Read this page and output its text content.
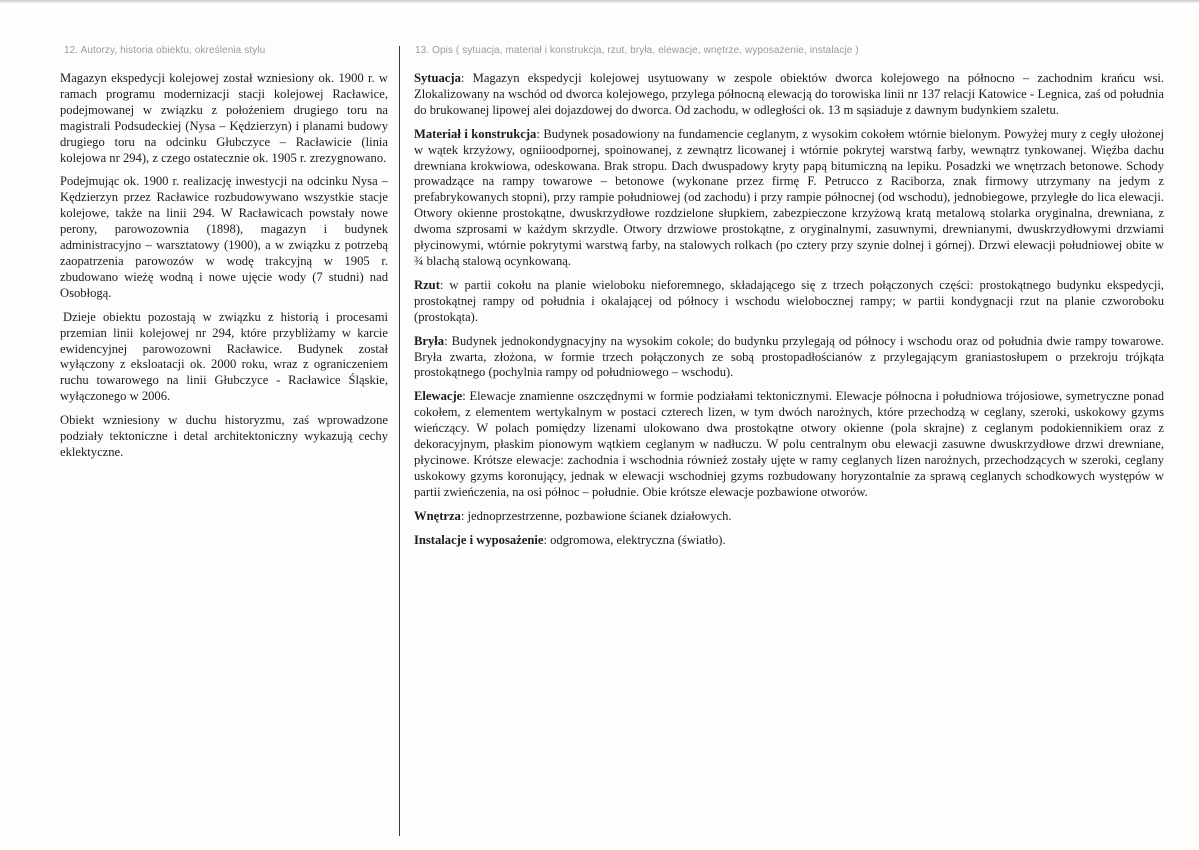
12. Autorzy, historia obiektu, określenia stylu	13. Opis ( sytuacja, materiał i konstrukcja, rzut, bryła, elewacje, wnętrze, wyposażenie, instalacje )

Magazyn ekspedycji kolejowej został wzniesiony ok. 1900 r. w ramach programu modernizacji stacji kolejowej Racławice, podejmowanej w związku z położeniem drugiego toru na magistrali Podsudeckiej (Nysa – Kędzierzyn) i planami budowy drugiego toru na odcinku Głubczyce – Racławicie (linia kolejowa nr 294), z czego ostatecznie ok. 1905 r. zrezygnowano.

Podejmując ok. 1900 r. realizację inwestycji na odcinku Nysa – Kędzierzyn przez Racławice rozbudowywano wszystkie stacje kolejowe, także na linii 294. W Racławicach powstały nowe perony, parowozownia (1898), magazyn i budynek administracyjno – warsztatowy (1900), a w związku z potrzebą zaopatrzenia parowozów w wodę trakcyjną w 1905 r. zbudowano wieżę wodną i nowe ujęcie wody (7 studni) nad Osobłogą.

Dzieje obiektu pozostają w związku z historią i procesami przemian linii kolejowej nr 294, które przybliżamy w karcie ewidencyjnej parowozowni Racławice. Budynek został wyłączony z eksloatacji ok. 2000 roku, wraz z ograniczeniem ruchu towarowego na linii Głubczyce - Racławice Śląskie, wyłączonego w 2006.

Obiekt wzniesiony w duchu historyzmu, zaś wprowadzone podziały tektoniczne i detal architektoniczny wykazują cechy eklektyczne.

Sytuacja: Magazyn ekspedycji kolejowej usytuowany w zespole obiektów dworca kolejowego na północno – zachodnim krańcu wsi. Zlokalizowany na wschód od dworca kolejowego, przylega północną elewacją do torowiska linii nr 137 relacji Katowice - Legnica, zaś od południa do brukowanej lipowej alei dojazdowej do dworca. Od zachodu, w odległości ok. 13 m sąsiaduje z dawnym budynkiem szaletu.

Materiał i konstrukcja: Budynek posadowiony na fundamencie ceglanym, z wysokim cokołem wtórnie bielonym. Powyżej mury z cegły ułożonej w wątek krzyżowy, ogniioodpornej, spoinowanej, z zewnątrz licowanej i wtórnie pokrytej warstwą farby, wewnątrz tynkowanej. Więźba dachu drewniana krokwiowa, odeskowana. Brak stropu. Dach dwuspadowy kryty papą bitumiczną na lepiku. Posadzki we wnętrzach betonowe. Schody prowadzące na rampy towarowe – betonowe (wykonane przez firmę F. Petrucco z Raciborza, znak firmowy utrzymany na jedym z prefabrykowanych stopni), przy rampie południowej (od zachodu) i przy rampie północnej (od wschodu), jednobiegowe, przyległe do lica elewacji. Otwory okienne prostokątne, dwuskrzydłowe rozdzielone słupkiem, zabezpieczone krzyżową kratą metalową stolarka oryginalna, drewniana, z dwoma szprosami w każdym skrzydle. Otwory drzwiowe prostokątne, z oryginalnymi, zasuwnymi, drewnianymi, dwuskrzydłowymi drzwiami płycinowymi, wtórnie pokrytymi warstwą farby, na stalowych rolkach (po cztery przy szynie dolnej i górnej). Drzwi elewacji południowej obite w ¾ blachą stalową ocynkowaną.

Rzut: w partii cokołu na planie wieloboku nieforemnego, składającego się z trzech połączonych części: prostokątnego budynku ekspedycji, prostokątnej rampy od południa i okalającej od północy i wschodu wielobocznej rampy; w partii kondygnacji rzut na planie czworoboku (prostokąta).

Bryła: Budynek jednokondygnacyjny na wysokim cokole; do budynku przylegają od północy i wschodu oraz od południa dwie rampy towarowe. Bryła zwarta, złożona, w formie trzech połączonych ze sobą prostopadłościanów z przylegającym graniastosłupem o przekroju trójkąta prostokątnego (pochylnia rampy od południowego – wschodu).

Elewacje: Elewacje znamienne oszczędnymi w formie podziałami tektonicznymi. Elewacje północna i południowa trójosiowe, symetryczne ponad cokołem, z elementem wertykalnym w postaci czterech lizen, w tym dwóch narożnych, które przechodzą w ceglany, szeroki, uskokowy gzyms wieńczący. W polach pomiędzy lizenami ulokowano dwa prostokątne otwory okienne (pola skrajne) z ceglanym podokiennikiem oraz z dekoracyjnym, płaskim pionowym wątkiem ceglanym w nadłuczu. W polu centralnym obu elewacji zasuwne dwuskrzydłowe drzwi drewniane, płycinowe. Krótsze elewacje: zachodnia i wschodnia również zostały ujęte w ramy ceglanych lizen narożnych, przechodzących w szeroki, ceglany uskokowy gzyms koronujący, jednak w elewacji wschodniej gzyms rozbudowany horyzontalnie za sprawą ceglanych schodkowych występów w partii zwieńczenia, na osi północ – południe. Obie krótsze elewacje pozbawione otworów.

Wnętrza: jednoprzestrzenne, pozbawione ścianek działowych.

Instalacje i wyposażenie: odgromowa, elektryczna (światło).
